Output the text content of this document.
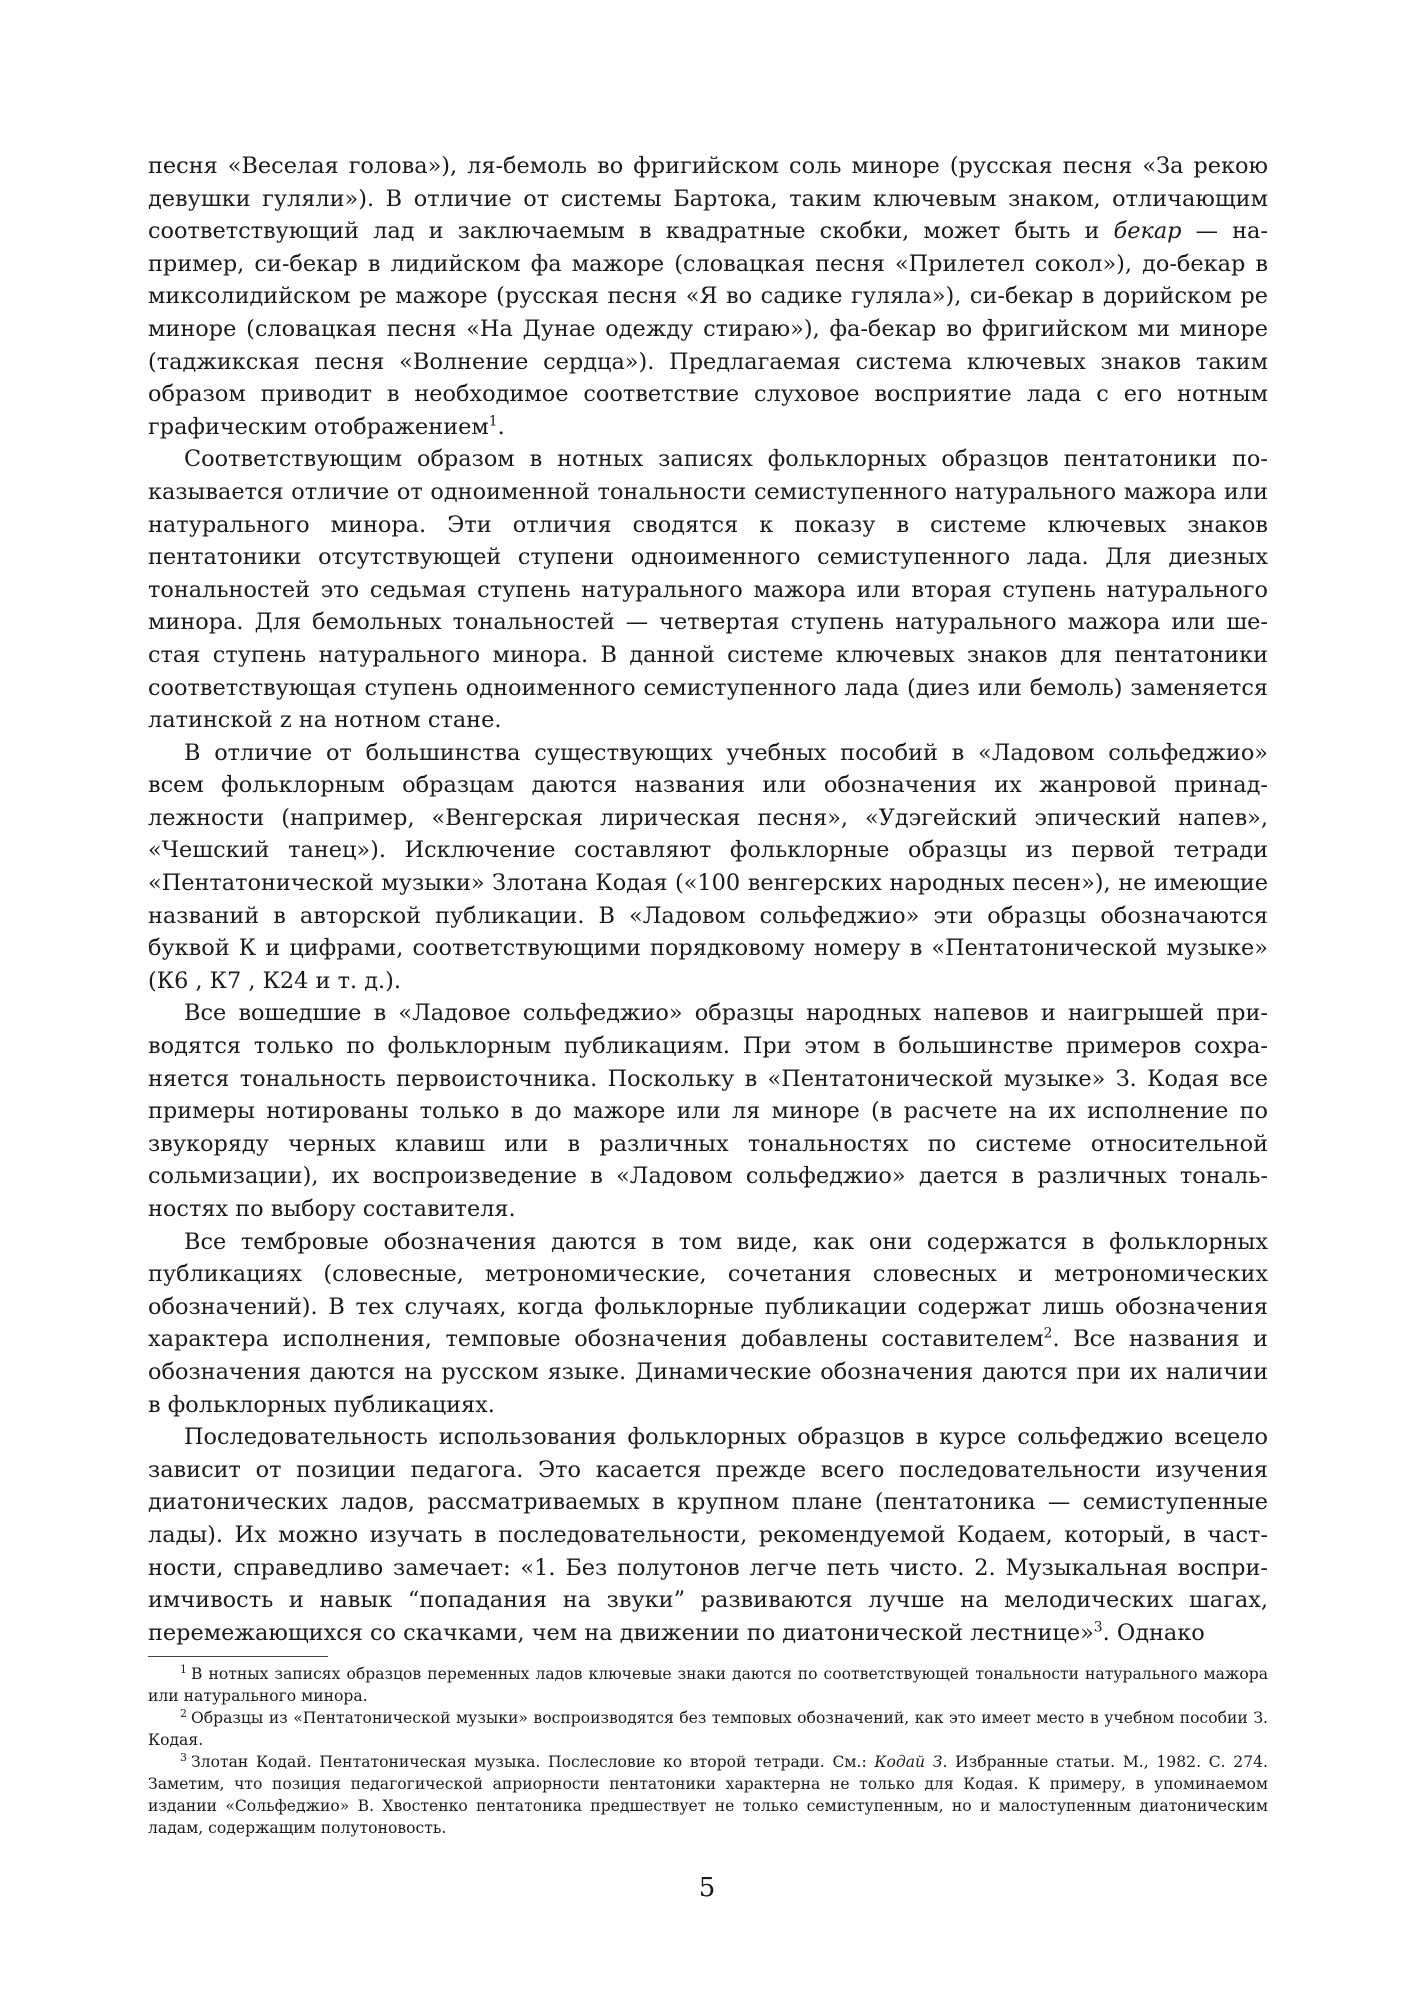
песня «Веселая голова»), ля-бемоль во фригийском соль миноре (русская песня «За рекою девушки гуляли»). В отличие от системы Бартока, таким ключевым знаком, отличающим соответствующий лад и заключаемым в квадратные скобки, может быть и бекар — например, си-бекар в лидийском фа мажоре (словацкая песня «Прилетел сокол»), до-бекар в миксолидийском ре мажоре (русская песня «Я во садике гуляла»), си-бекар в дорийском ре миноре (словацкая песня «На Дунае одежду стираю»), фа-бекар во фригийском ми миноре (таджикская песня «Волнение сердца»). Предлагаемая система ключевых знаков таким образом приводит в необходимое соответствие слуховое восприятие лада с его нотным графическим отображением$^1$.

Соответствующим образом в нотных записях фольклорных образцов пентатоники показывается отличие от одноименной тональности семиступенного натурального мажора или натурального минора. Эти отличия сводятся к показу в системе ключевых знаков пентатоники отсутствующей ступени одноименного семиступенного лада. Для диезных тональностей это седьмая ступень натурального мажора или вторая ступень натурального минора. Для бемольных тональностей — четвертая ступень натурального мажора или шестая ступень натурального минора. В данной системе ключевых знаков для пентатоники соответствующая ступень одноименного семиступенного лада (диез или бемоль) заменяется латинской z на нотном стане.

В отличие от большинства существующих учебных пособий в «Ладовом сольфеджио» всем фольклорным образцам даются названия или обозначения их жанровой принадлежности (например, «Венгерская лирическая песня», «Удэгейский эпический напев», «Чешский танец»). Исключение составляют фольклорные образцы из первой тетради «Пентатонической музыки» Злотана Кодая («100 венгерских народных песен»), не имеющие названий в авторской публикации. В «Ладовом сольфеджио» эти образцы обозначаются буквой К и цифрами, соответствующими порядковому номеру в «Пентатонической музыке» (К6 , К7 , К24 и т. д.).

Все вошедшие в «Ладовое сольфеджио» образцы народных напевов и наигрышей приводятся только по фольклорным публикациям. При этом в большинстве примеров сохраняется тональность первоисточника. Поскольку в «Пентатонической музыке» З. Кодая все примеры нотированы только в до мажоре или ля миноре (в расчете на их исполнение по звукоряду черных клавиш или в различных тональностях по системе относительной сольмизации), их воспроизведение в «Ладовом сольфеджио» дается в различных тональностях по выбору составителя.

Все тембровые обозначения даются в том виде, как они содержатся в фольклорных публикациях (словесные, метрономические, сочетания словесных и метрономических обозначений). В тех случаях, когда фольклорные публикации содержат лишь обозначения характера исполнения, темповые обозначения добавлены составителем$^2$. Все названия и обозначения даются на русском языке. Динамические обозначения даются при их наличии в фольклорных публикациях.

Последовательность использования фольклорных образцов в курсе сольфеджио всецело зависит от позиции педагога. Это касается прежде всего последовательности изучения диатонических ладов, рассматриваемых в крупном плане (пентатоника — семиступенные лады). Их можно изучать в последовательности, рекомендуемой Кодаем, который, в частности, справедливо замечает: «1. Без полутонов легче петь чисто. 2. Музыкальная восприимчивость и навык “попадания на звуки” развиваются лучше на мелодических шагах, перемежающихся со скачками, чем на движении по диатонической лестнице»$^3$. Однако

$^1$ В нотных записях образцов переменных ладов ключевые знаки даются по соответствующей тональности натурального мажора или натурального минора.

$^2$ Образцы из «Пентатонической музыки» воспроизводятся без темповых обозначений, как это имеет место в учебном пособии З. Кодая.

$^3$ Злотан Кодай. Пентатоническая музыка. Послесловие ко второй тетради. См.: Кодай З. Избранные статьи. М., 1982. С. 274. Заметим, что позиция педагогической априорности пентатоники характерна не только для Кодая. К примеру, в упоминаемом издании «Сольфеджио» В. Хвостенко пентатоника предшествует не только семиступенным, но и малоступенным диатоническим ладам, содержащим полутоновость.

5
